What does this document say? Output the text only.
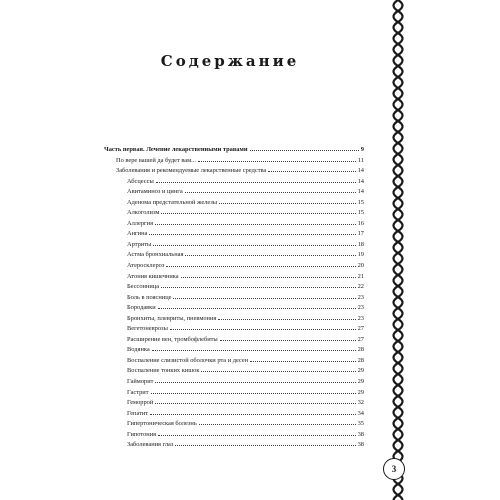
Содержание
Часть первая. Лечение лекарственными травами	9
По вере вашей да будет вам...	11
Заболевания и рекомендуемые лекарственные средства	14
Абсцессы	14
Авитаминоз и цинга	14
Аденома предстательной железы	15
Алкоголизм	15
Аллергия	16
Ангина	17
Артриты	18
Астма бронхиальная	19
Атеросклероз	20
Атония кишечника	21
Бессонница	22
Боль в пояснице	23
Бородавки	23
Бронхиты, плевриты, пневмония	23
Вегетоневрозы	27
Расширение вен, тромбофлебиты	27
Водянка	28
Воспаление слизистой оболочки рта и десен	28
Воспаление тонких кишок	29
Гайморит	29
Гастрит	29
Геморрой	32
Гепатит	34
Гипертоническая болезнь	35
Гипотония	38
Заболевания глаз	38
3
